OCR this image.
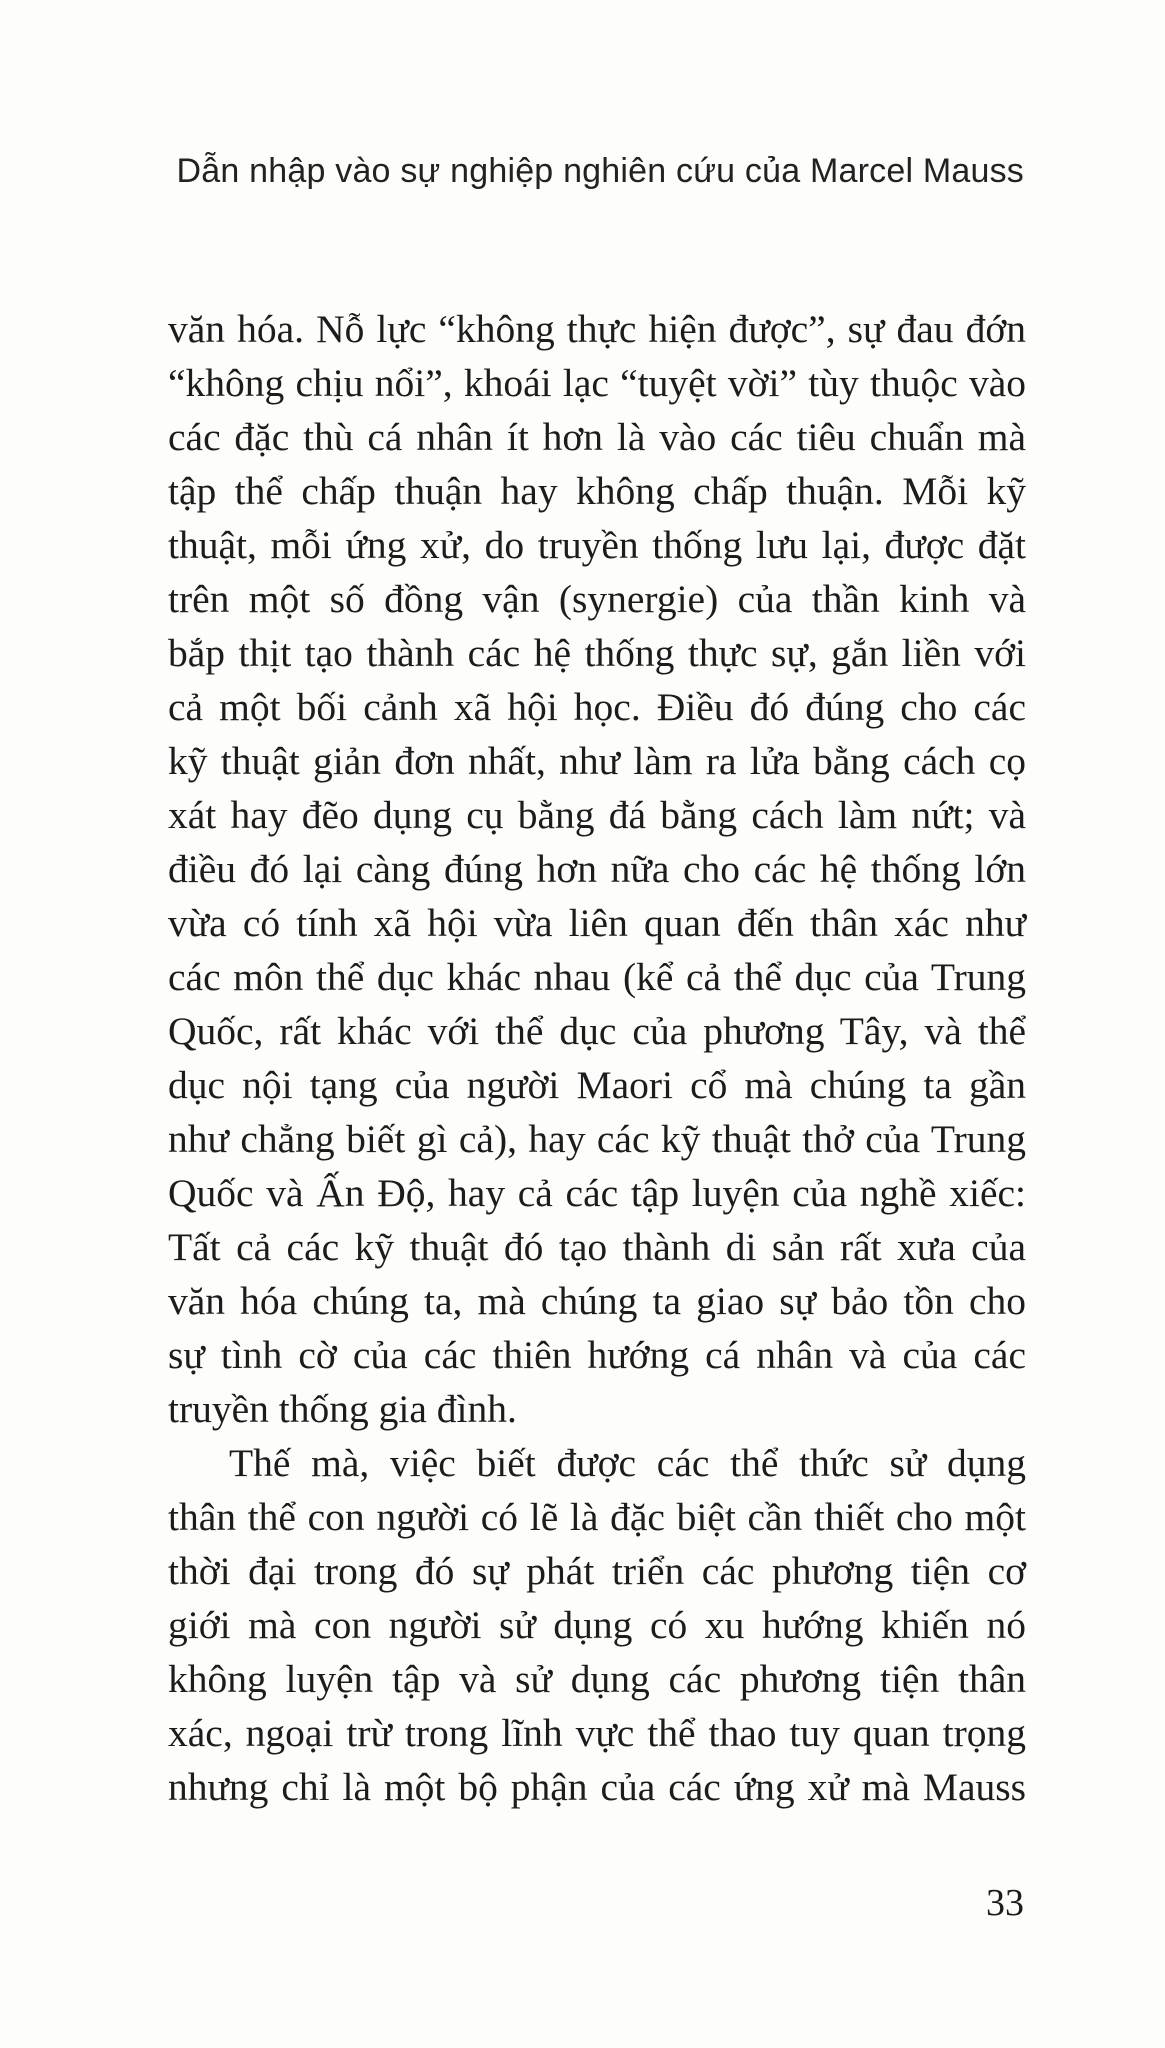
Dẫn nhập vào sự nghiệp nghiên cứu của Marcel Mauss
văn hóa. Nỗ lực “không thực hiện được”, sự đau đớn
“không chịu nổi”, khoái lạc “tuyệt vời” tùy thuộc vào
các đặc thù cá nhân ít hơn là vào các tiêu chuẩn mà
tập thể chấp thuận hay không chấp thuận. Mỗi kỹ
thuật, mỗi ứng xử, do truyền thống lưu lại, được đặt
trên một số đồng vận (synergie) của thần kinh và
bắp thịt tạo thành các hệ thống thực sự, gắn liền với
cả một bối cảnh xã hội học. Điều đó đúng cho các
kỹ thuật giản đơn nhất, như làm ra lửa bằng cách cọ
xát hay đẽo dụng cụ bằng đá bằng cách làm nứt; và
điều đó lại càng đúng hơn nữa cho các hệ thống lớn
vừa có tính xã hội vừa liên quan đến thân xác như
các môn thể dục khác nhau (kể cả thể dục của Trung
Quốc, rất khác với thể dục của phương Tây, và thể
dục nội tạng của người Maori cổ mà chúng ta gần
như chẳng biết gì cả), hay các kỹ thuật thở của Trung
Quốc và Ấn Độ, hay cả các tập luyện của nghề xiếc:
Tất cả các kỹ thuật đó tạo thành di sản rất xưa của
văn hóa chúng ta, mà chúng ta giao sự bảo tồn cho
sự tình cờ của các thiên hướng cá nhân và của các
truyền thống gia đình.
Thế mà, việc biết được các thể thức sử dụng
thân thể con người có lẽ là đặc biệt cần thiết cho một
thời đại trong đó sự phát triển các phương tiện cơ
giới mà con người sử dụng có xu hướng khiến nó
không luyện tập và sử dụng các phương tiện thân
xác, ngoại trừ trong lĩnh vực thể thao tuy quan trọng
nhưng chỉ là một bộ phận của các ứng xử mà Mauss
33
